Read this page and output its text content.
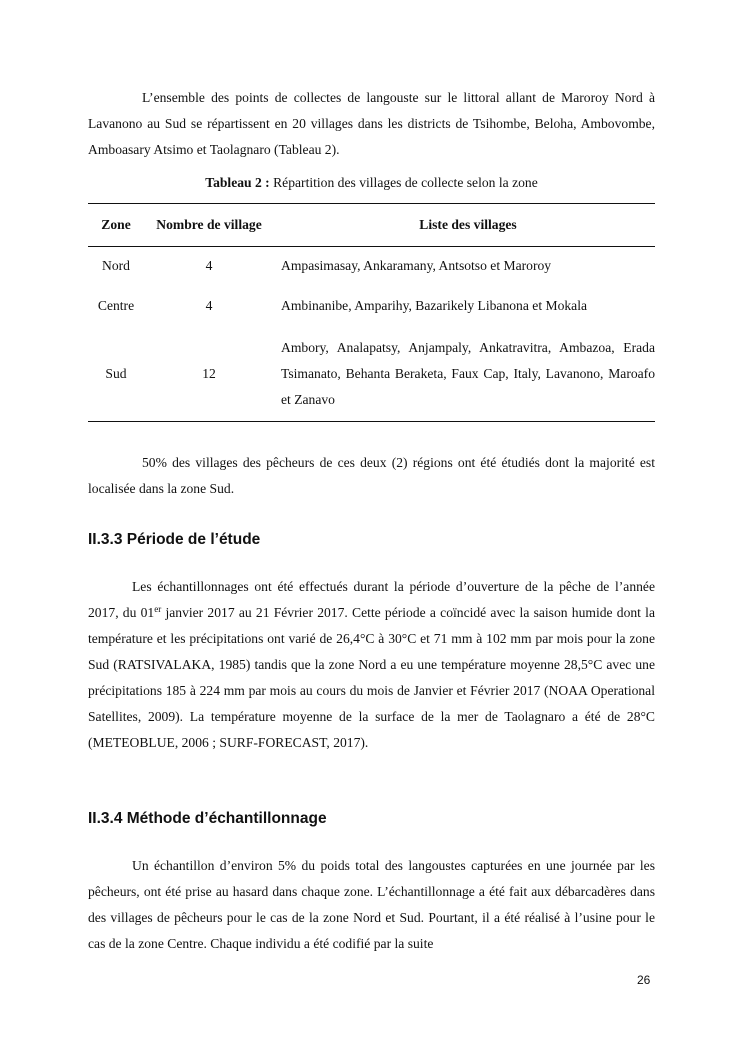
L’ensemble des points de collectes de langouste sur le littoral allant de Maroroy Nord à Lavanono au Sud se répartissent en 20 villages dans les districts de Tsihombe, Beloha, Ambovombe, Amboasary Atsimo et Taolagnaro (Tableau 2).

Tableau 2 : Répartition des villages de collecte selon la zone

Zone	Nombre de village	Liste des villages
Nord	4	Ampasimasay, Ankaramany, Antsotso et Maroroy
Centre	4	Ambinanibe, Amparihy, Bazarikely Libanona et Mokala
Sud	12	Ambory, Analapatsy, Anjampaly, Ankatravitra, Ambazoa, Erada Tsimanato, Behanta Beraketa, Faux Cap, Italy, Lavanono, Maroafo et Zanavo

50% des villages des pêcheurs de ces deux (2) régions ont été étudiés dont la majorité est localisée dans la zone Sud.

II.3.3 Période de l’étude

Les échantillonnages ont été effectués durant la période d’ouverture de la pêche de l’année 2017, du 01er janvier 2017 au 21 Février 2017. Cette période a coïncidé avec la saison humide dont la température et les précipitations ont varié de 26,4°C à 30°C et 71 mm à 102 mm par mois pour la zone Sud (RATSIVALAKA, 1985) tandis que la zone Nord a eu une température moyenne 28,5°C avec une précipitations 185 à 224 mm par mois au cours du mois de Janvier et Février 2017 (NOAA Operational Satellites, 2009). La température moyenne de la surface de la mer de Taolagnaro a été de 28°C (METEOBLUE, 2006 ; SURF-FORECAST, 2017).

II.3.4 Méthode d’échantillonnage

Un échantillon d’environ 5% du poids total des langoustes capturées en une journée par les pêcheurs, ont été prise au hasard dans chaque zone. L’échantillonnage a été fait aux débarcadères dans des villages de pêcheurs pour le cas de la zone Nord et Sud. Pourtant, il a été réalisé à l’usine pour le cas de la zone Centre. Chaque individu a été codifié par la suite

26
